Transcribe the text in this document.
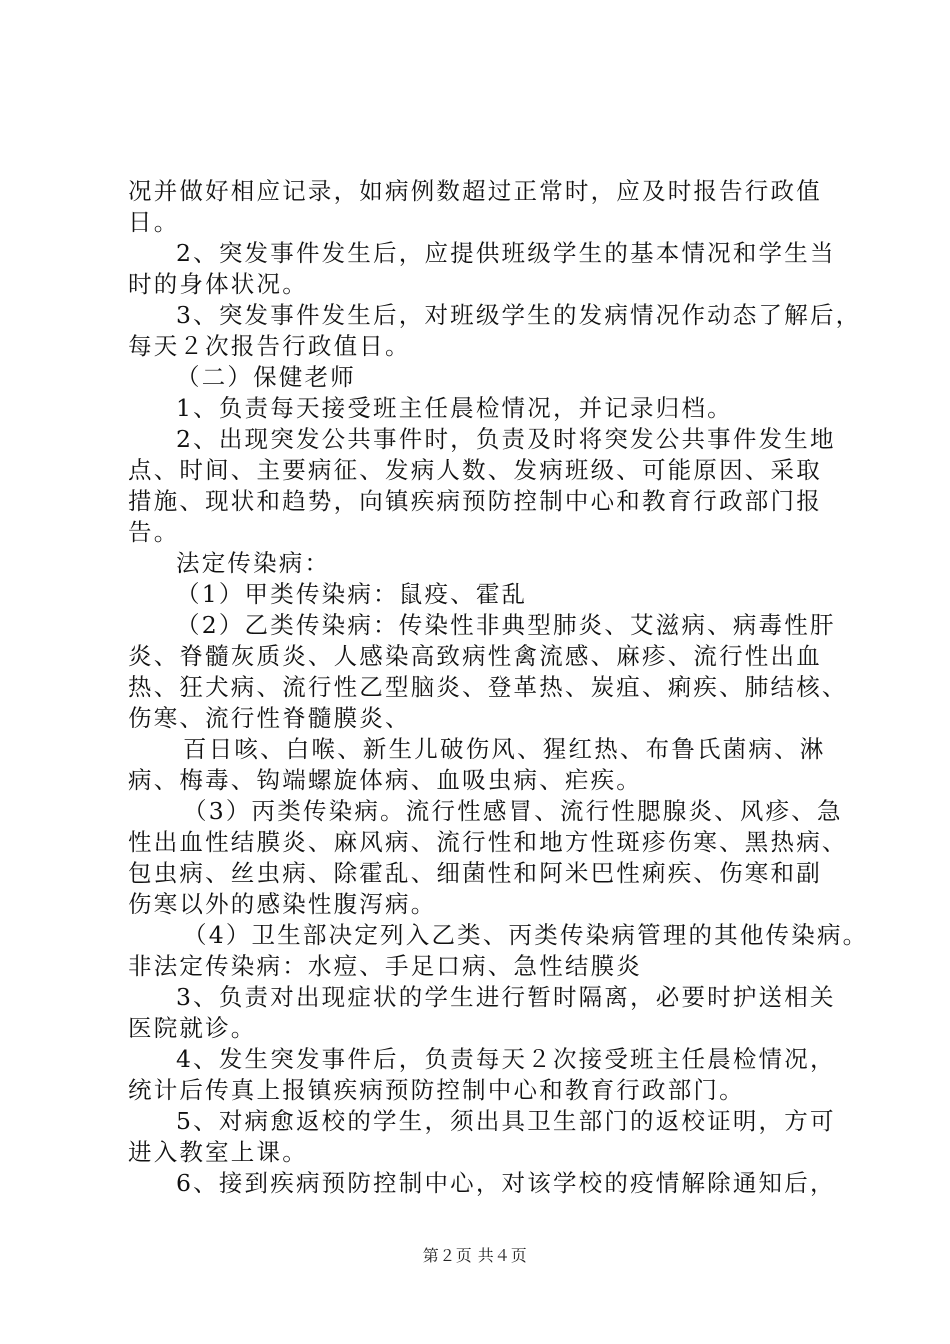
况并做好相应记录，如病例数超过正常时，应及时报告行政值
日。
2、突发事件发生后，应提供班级学生的基本情况和学生当
时的身体状况。
3、突发事件发生后，对班级学生的发病情况作动态了解后，
每天２次报告行政值日。
（二）保健老师
1、负责每天接受班主任晨检情况，并记录归档。
2、出现突发公共事件时，负责及时将突发公共事件发生地
点、时间、主要病征、发病人数、发病班级、可能原因、采取
措施、现状和趋势，向镇疾病预防控制中心和教育行政部门报
告。
法定传染病：
（1）甲类传染病：鼠疫、霍乱
（2）乙类传染病：传染性非典型肺炎、艾滋病、病毒性肝
炎、脊髓灰质炎、人感染高致病性禽流感、麻疹、流行性出血
热、狂犬病、流行性乙型脑炎、登革热、炭疽、痢疾、肺结核、
伤寒、流行性脊髓膜炎、
百日咳、白喉、新生儿破伤风、猩红热、布鲁氏菌病、淋
病、梅毒、钩端螺旋体病、血吸虫病、疟疾。
（3）丙类传染病。流行性感冒、流行性腮腺炎、风疹、急
性出血性结膜炎、麻风病、流行性和地方性斑疹伤寒、黑热病、
包虫病、丝虫病、除霍乱、细菌性和阿米巴性痢疾、伤寒和副
伤寒以外的感染性腹泻病。
（4）卫生部决定列入乙类、丙类传染病管理的其他传染病。
非法定传染病：水痘、手足口病、急性结膜炎
3、负责对出现症状的学生进行暂时隔离，必要时护送相关
医院就诊。
4、发生突发事件后，负责每天２次接受班主任晨检情况，
统计后传真上报镇疾病预防控制中心和教育行政部门。
5、对病愈返校的学生，须出具卫生部门的返校证明，方可
进入教室上课。
6、接到疾病预防控制中心，对该学校的疫情解除通知后，
第２页 共４页
